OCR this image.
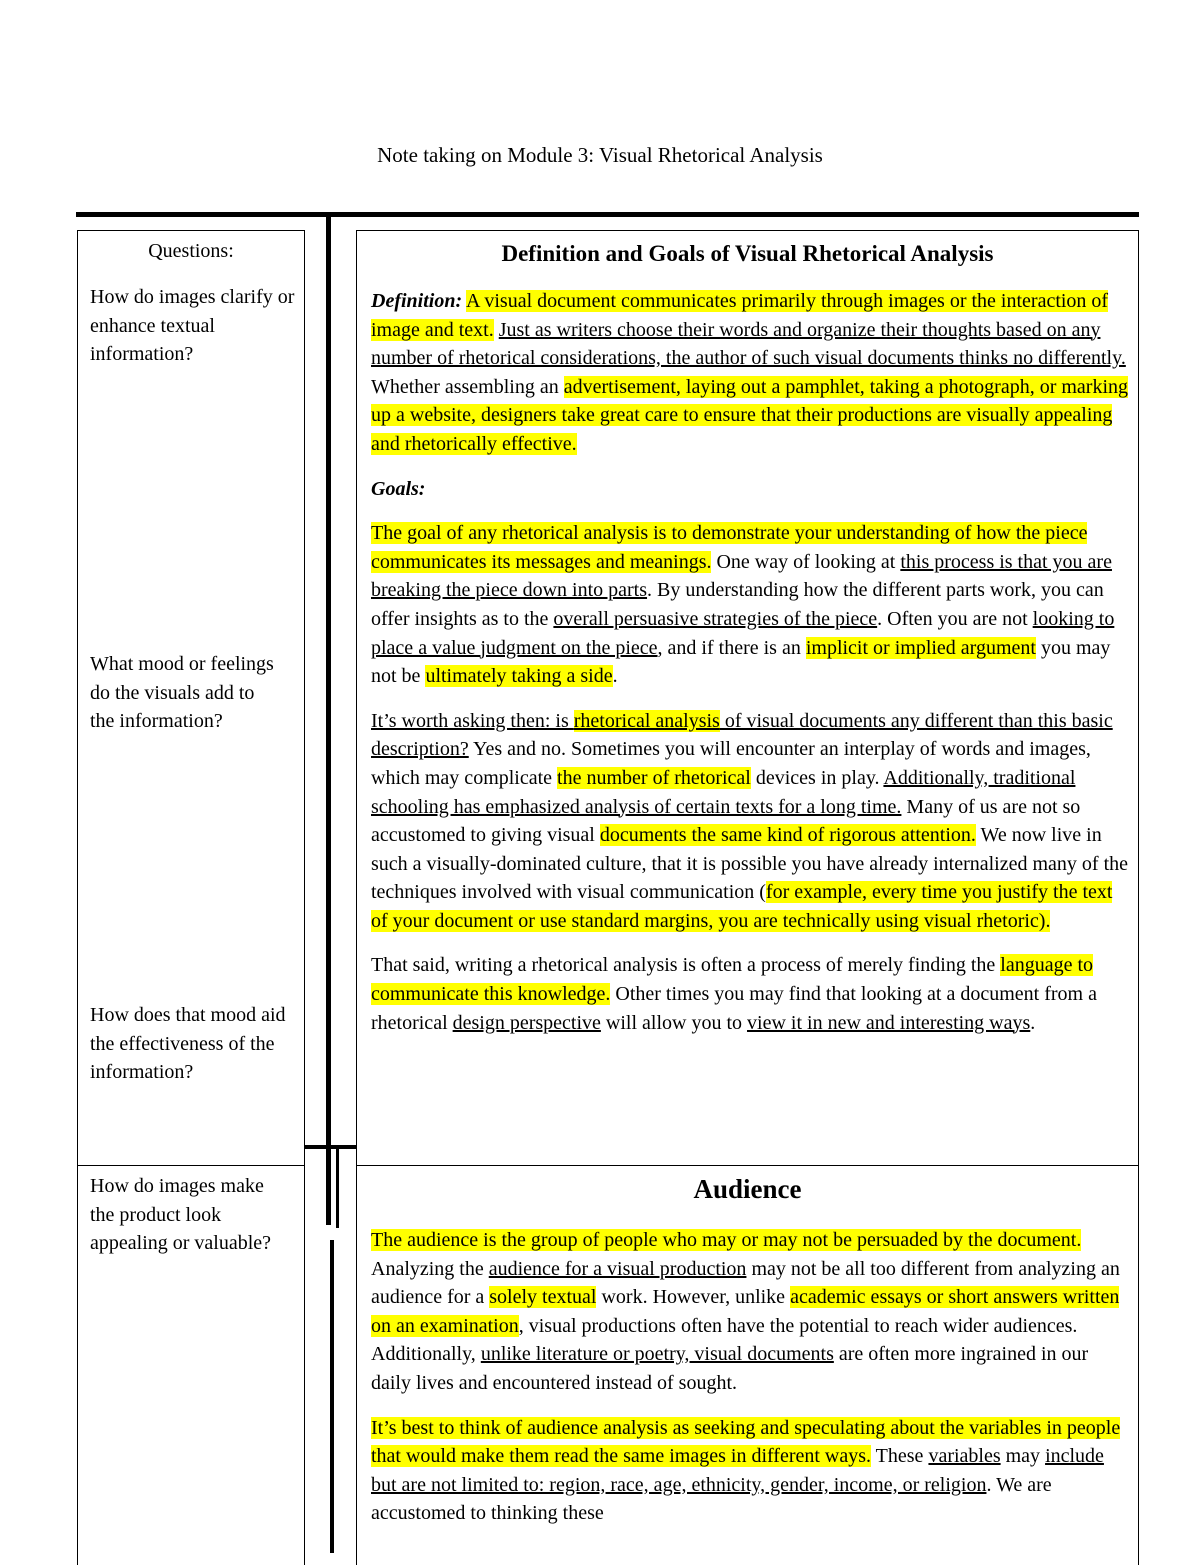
Note taking on Module 3: Visual Rhetorical Analysis
Questions:
How do images clarify or enhance textual information?
What mood or feelings do the visuals add to the information?
How does that mood aid the effectiveness of the information?
How do images make the product look appealing or valuable?
Definition and Goals of Visual Rhetorical Analysis

Definition: A visual document communicates primarily through images or the interaction of image and text. Just as writers choose their words and organize their thoughts based on any number of rhetorical considerations, the author of such visual documents thinks no differently. Whether assembling an advertisement, laying out a pamphlet, taking a photograph, or marking up a website, designers take great care to ensure that their productions are visually appealing and rhetorically effective.

Goals:

The goal of any rhetorical analysis is to demonstrate your understanding of how the piece communicates its messages and meanings. One way of looking at this process is that you are breaking the piece down into parts. By understanding how the different parts work, you can offer insights as to the overall persuasive strategies of the piece. Often you are not looking to place a value judgment on the piece, and if there is an implicit or implied argument you may not be ultimately taking a side.

It’s worth asking then: is rhetorical analysis of visual documents any different than this basic description? Yes and no. Sometimes you will encounter an interplay of words and images, which may complicate the number of rhetorical devices in play. Additionally, traditional schooling has emphasized analysis of certain texts for a long time. Many of us are not so accustomed to giving visual documents the same kind of rigorous attention. We now live in such a visually-dominated culture, that it is possible you have already internalized many of the techniques involved with visual communication (for example, every time you justify the text of your document or use standard margins, you are technically using visual rhetoric).

That said, writing a rhetorical analysis is often a process of merely finding the language to communicate this knowledge. Other times you may find that looking at a document from a rhetorical design perspective will allow you to view it in new and interesting ways.

Audience

The audience is the group of people who may or may not be persuaded by the document. Analyzing the audience for a visual production may not be all too different from analyzing an audience for a solely textual work. However, unlike academic essays or short answers written on an examination, visual productions often have the potential to reach wider audiences. Additionally, unlike literature or poetry, visual documents are often more ingrained in our daily lives and encountered instead of sought.

It’s best to think of audience analysis as seeking and speculating about the variables in people that would make them read the same images in different ways. These variables may include but are not limited to: region, race, age, ethnicity, gender, income, or religion. We are accustomed to thinking these
